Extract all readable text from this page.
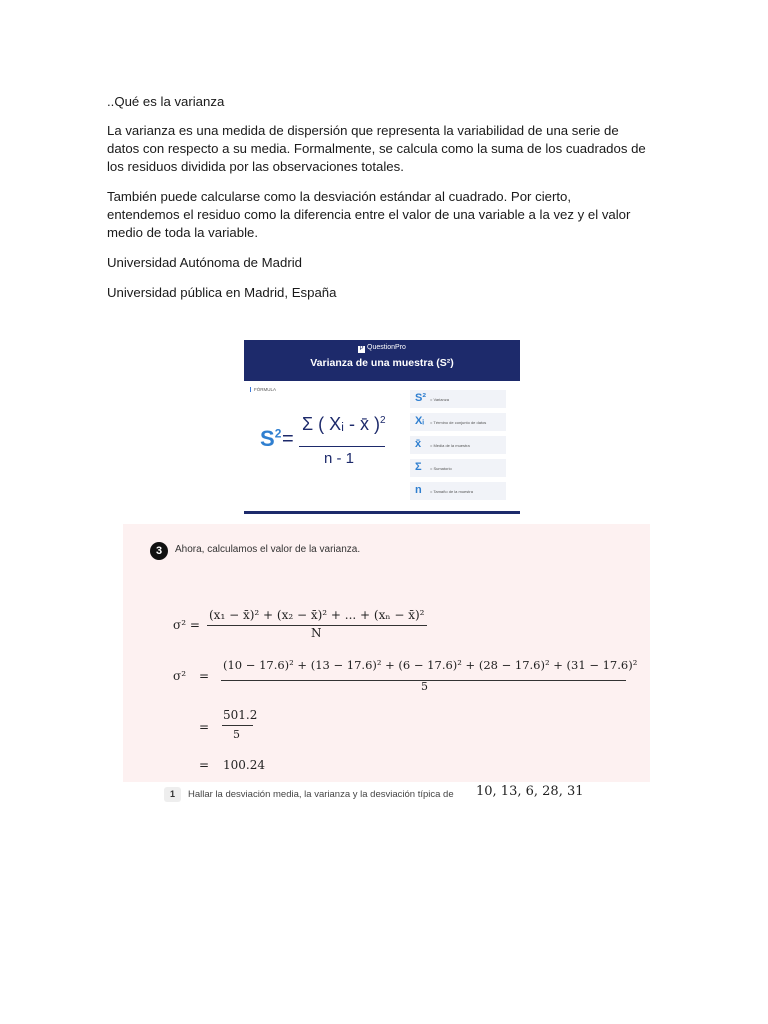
..Qué es la varianza

La varianza es una medida de dispersión que representa la variabilidad de una serie de datos con respecto a su media. Formalmente, se calcula como la suma de los cuadrados de los residuos dividida por las observaciones totales.

También puede calcularse como la desviación estándar al cuadrado. Por cierto, entendemos el residuo como la diferencia entre el valor de una variable a la vez y el valor medio de toda la variable.

Universidad Autónoma de Madrid

Universidad pública en Madrid, España

P QuestionPro
Varianza de una muestra (S²)
FÓRMULA
$S^2$ =
Σ ( Xᵢ - x̄ )$^2$
n - 1
S² = Varianza
Xᵢ = Término de conjunto de datos
x̄ = Media de la muestra
Σ = Sumatorio
n = Tamaño de la muestra
3	Ahora, calculamos el valor de la varianza.
σ² =
(x₁ − x̄)² + (x₂ − x̄)² + ... + (xₙ − x̄)²
N
σ² =
(10 − 17.6)² + (13 − 17.6)² + (6 − 17.6)² + (28 − 17.6)² + (31 − 17.6)²
5
=
501.2
5
= 100.24
1	Hallar la desviación media, la varianza y la desviación típica de 10, 13, 6, 28, 31
